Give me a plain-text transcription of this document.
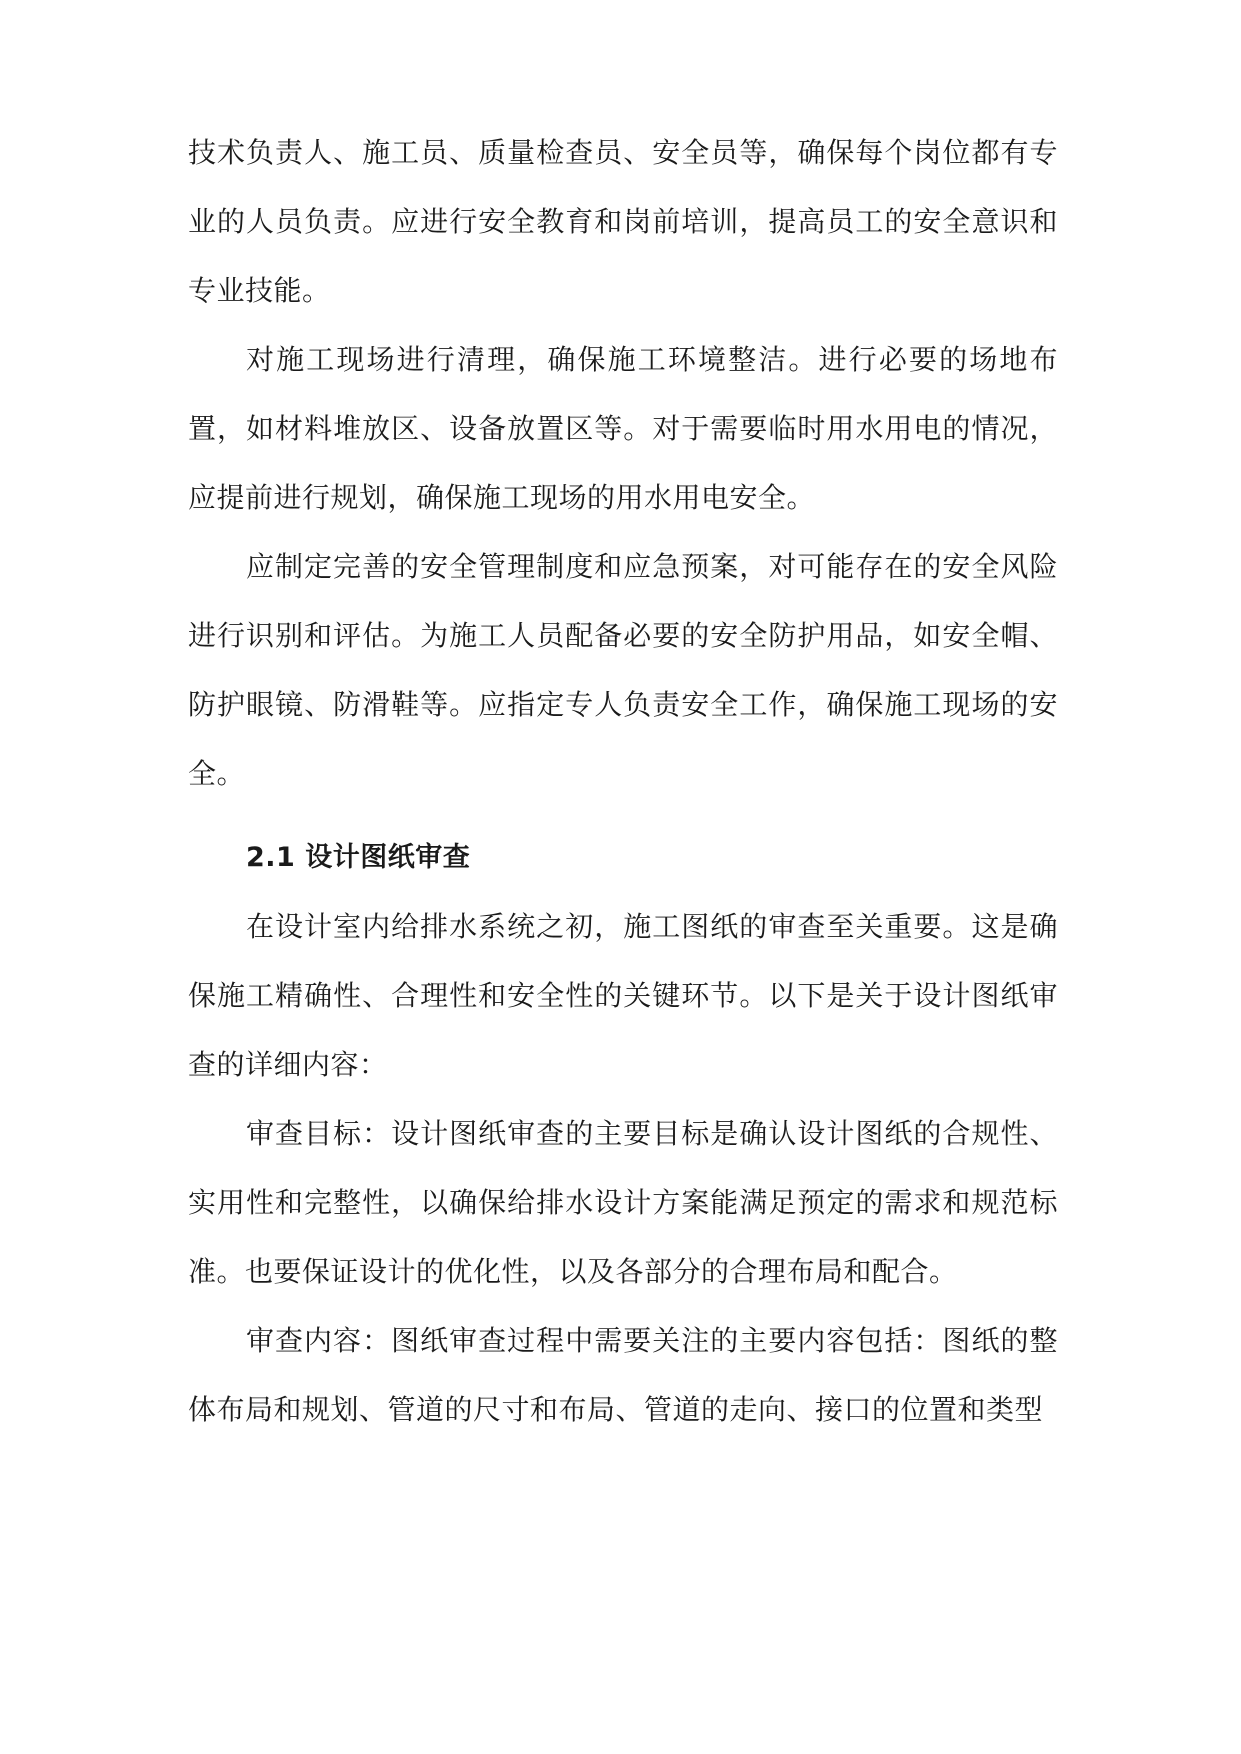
技术负责人、施工员、质量检查员、安全员等，确保每个岗位都有专业的人员负责。应进行安全教育和岗前培训，提高员工的安全意识和专业技能。

对施工现场进行清理，确保施工环境整洁。进行必要的场地布置，如材料堆放区、设备放置区等。对于需要临时用水用电的情况，应提前进行规划，确保施工现场的用水用电安全。

应制定完善的安全管理制度和应急预案，对可能存在的安全风险进行识别和评估。为施工人员配备必要的安全防护用品，如安全帽、防护眼镜、防滑鞋等。应指定专人负责安全工作，确保施工现场的安全。

2.1 设计图纸审查

在设计室内给排水系统之初，施工图纸的审查至关重要。这是确保施工精确性、合理性和安全性的关键环节。以下是关于设计图纸审查的详细内容：

审查目标：设计图纸审查的主要目标是确认设计图纸的合规性、实用性和完整性，以确保给排水设计方案能满足预定的需求和规范标准。也要保证设计的优化性，以及各部分的合理布局和配合。

审查内容：图纸审查过程中需要关注的主要内容包括：图纸的整体布局和规划、管道的尺寸和布局、管道的走向、接口的位置和类型
